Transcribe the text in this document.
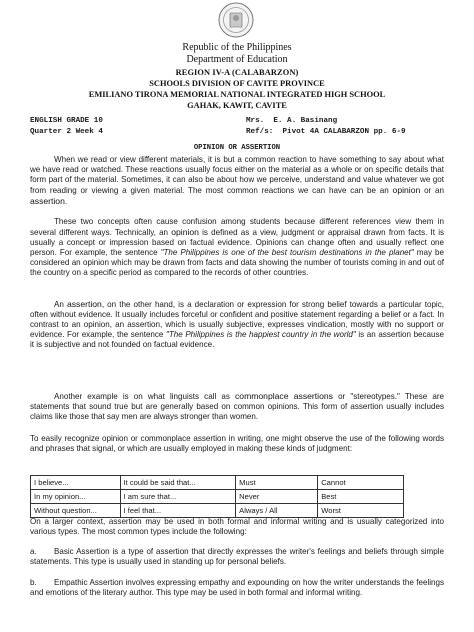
Republic of the Philippines
Department of Education
REGION IV-A (CALABARZON)
SCHOOLS DIVISION OF CAVITE PROVINCE
EMILIANO TIRONA MEMORIAL NATIONAL INTEGRATED HIGH SCHOOL
GAHAK, KAWIT, CAVITE
ENGLISH GRADE 10
Quarter 2 Week 4
Mrs.  E. A. Basinang
Ref/s:  Pivot 4A CALABARZON pp. 6-9
OPINION OR ASSERTION

When we read or view different materials, it is but a common reaction to have something to say about what we have read or watched. These reactions usually focus either on the material as a whole or on specific details that form part of the material. Sometimes, it can also be about how we perceive, understand and value whatever we got from reading or viewing a given material. The most common reactions we can have can be an opinion or an assertion.

These two concepts often cause confusion among students because different references view them in several different ways. Technically, an opinion is defined as a view, judgment or appraisal drawn from facts. It is usually a concept or impression based on factual evidence. Opinions can change often and usually reflect one person. For example, the sentence "The Philippines is one of the best tourism destinations in the planet" may be considered an opinion which may be drawn from facts and data showing the number of tourists coming in and out of the country on a specific period as compared to the records of other countries.

An assertion, on the other hand, is a declaration or expression for strong belief towards a particular topic, often without evidence. It usually includes forceful or confident and positive statement regarding a belief or a fact. In contrast to an opinion, an assertion, which is usually subjective, expresses vindication, mostly with no support or evidence. For example, the sentence "The Philippines is the happiest country in the world" is an assertion because it is subjective and not founded on factual evidence.

Another example is on what linguists call as commonplace assertions or "stereotypes." These are statements that sound true but are generally based on common opinions. This form of assertion usually includes claims like those that say men are always stronger than women.

To easily recognize opinion or commonplace assertion in writing, one might observe the use of the following words and phrases that signal, or which are usually employed in making these kinds of judgment:

I believe...	It could be said that...	Must	Cannot
In my opinion...	I am sure that...	Never	Best
Without question...	I feel that...	Always / All	Worst

On a larger context, assertion may be used in both formal and informal writing and is usually categorized into various types. The most common types include the following:

a. Basic Assertion is a type of assertion that directly expresses the writer's feelings and beliefs through simple statements. This type is usually used in standing up for personal beliefs.

b. Empathic Assertion involves expressing empathy and expounding on how the writer understands the feelings and emotions of the literary author. This type may be used in both formal and informal writing.
